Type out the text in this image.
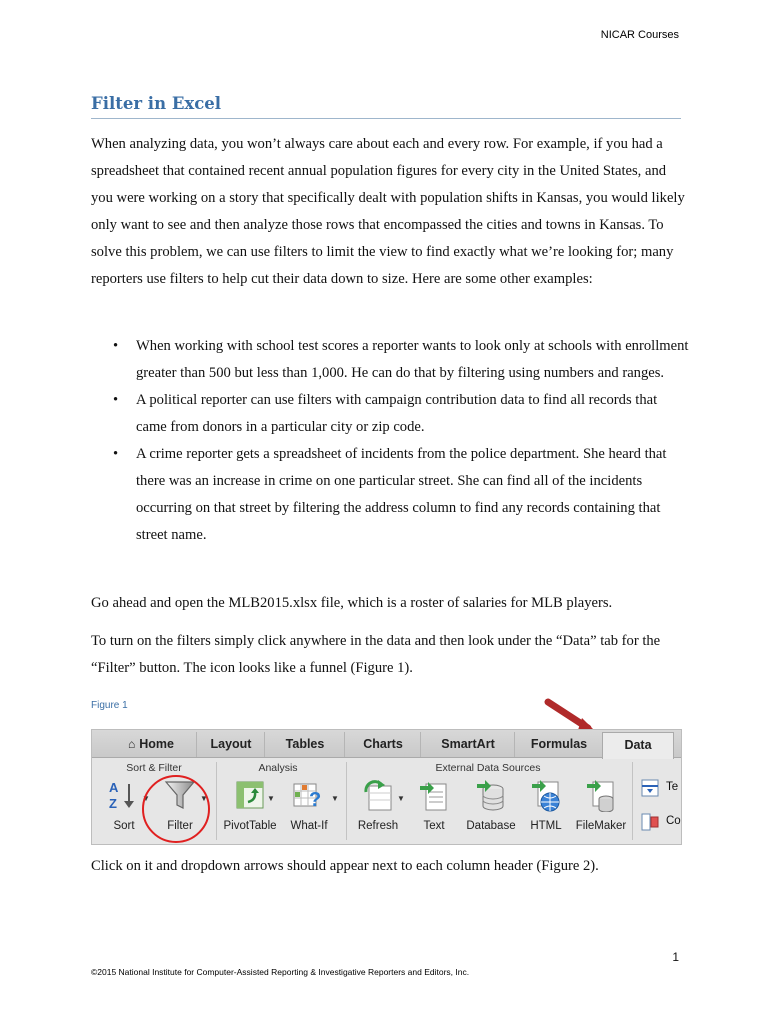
NICAR Courses
Filter in Excel

When analyzing data, you won’t always care about each and every row. For example, if you had a spreadsheet that contained recent annual population figures for every city in the United States, and you were working on a story that specifically dealt with population shifts in Kansas, you would likely only want to see and then analyze those rows that encompassed the cities and towns in Kansas. To solve this problem, we can use filters to limit the view to find exactly what we’re looking for; many reporters use filters to help cut their data down to size. Here are some other examples:

• When working with school test scores a reporter wants to look only at schools with enrollment greater than 500 but less than 1,000. He can do that by filtering using numbers and ranges.
• A political reporter can use filters with campaign contribution data to find all records that came from donors in a particular city or zip code.
• A crime reporter gets a spreadsheet of incidents from the police department. She heard that there was an increase in crime on one particular street. She can find all of the incidents occurring on that street by filtering the address column to find any records containing that street name.

Go ahead and open the MLB2015.xlsx file, which is a roster of salaries for MLB players.

To turn on the filters simply click anywhere in the data and then look under the “Data” tab for the “Filter” button. The icon looks like a funnel (Figure 1).

Figure 1
⌂ Home	Layout	Tables	Charts	SmartArt	Formulas	Data
Sort & Filter	Analysis	External Data Sources
A
Z
Sort
▼
Filter
▼
PivotTable
▼ ?
What-If
▼
Refresh
▼
Text	Database	HTML	FileMaker
Te
Co

Click on it and dropdown arrows should appear next to each column header (Figure 2).

1
©2015 National Institute for Computer-Assisted Reporting & Investigative Reporters and Editors, Inc.
